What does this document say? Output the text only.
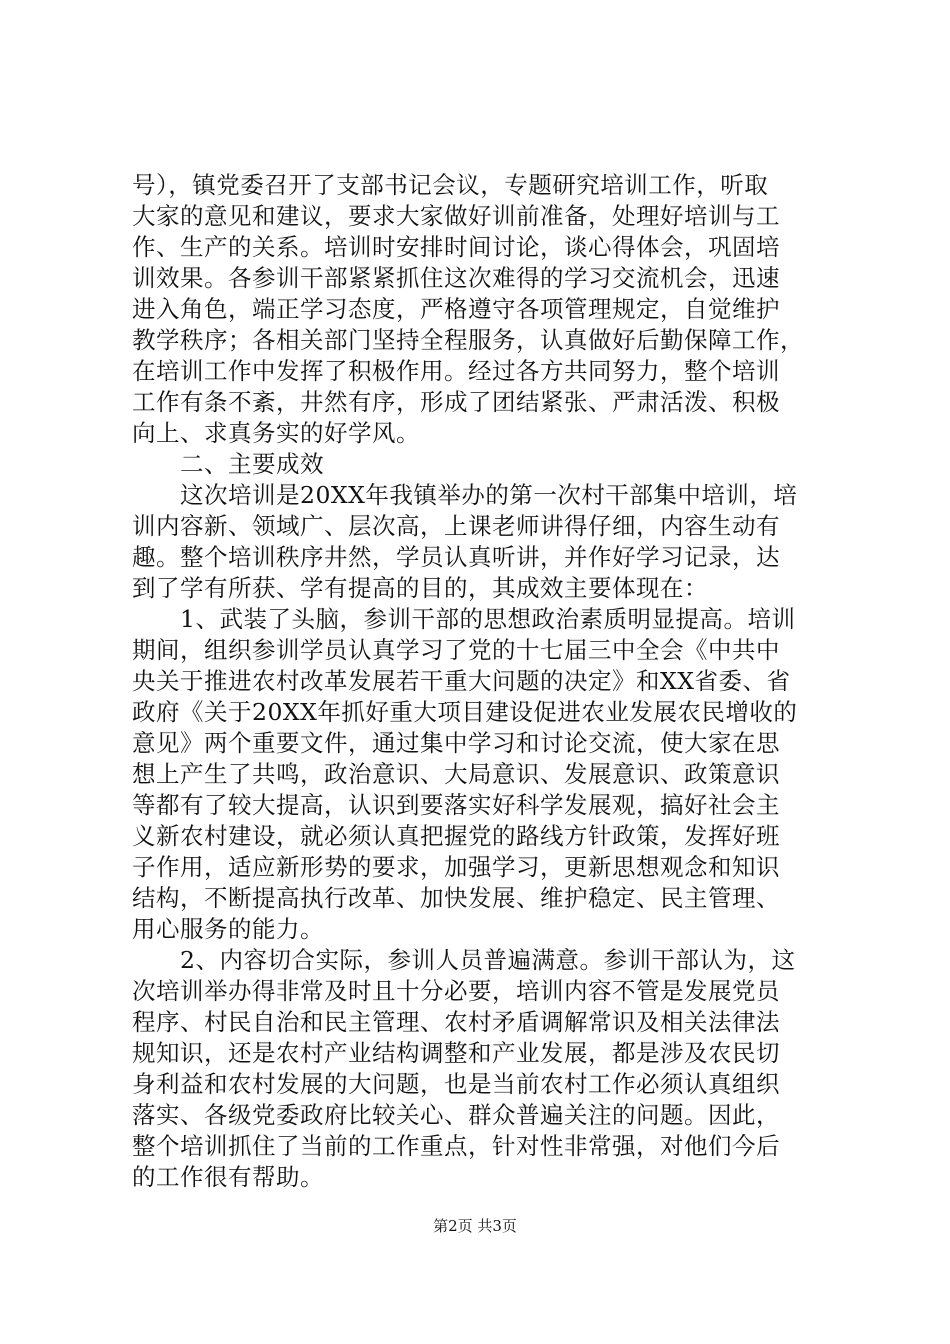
号），镇党委召开了支部书记会议，专题研究培训工作，听取
大家的意见和建议，要求大家做好训前准备，处理好培训与工
作、生产的关系。培训时安排时间讨论，谈心得体会，巩固培
训效果。各参训干部紧紧抓住这次难得的学习交流机会，迅速
进入角色，端正学习态度，严格遵守各项管理规定，自觉维护
教学秩序；各相关部门坚持全程服务，认真做好后勤保障工作，
在培训工作中发挥了积极作用。经过各方共同努力，整个培训
工作有条不紊，井然有序，形成了团结紧张、严肃活泼、积极
向上、求真务实的好学风。
　　二、主要成效
　　这次培训是20XX年我镇举办的第一次村干部集中培训，培
训内容新、领域广、层次高，上课老师讲得仔细，内容生动有
趣。整个培训秩序井然，学员认真听讲，并作好学习记录，达
到了学有所获、学有提高的目的，其成效主要体现在：
　　1、武装了头脑，参训干部的思想政治素质明显提高。培训
期间，组织参训学员认真学习了党的十七届三中全会《中共中
央关于推进农村改革发展若干重大问题的决定》和XX省委、省
政府《关于20XX年抓好重大项目建设促进农业发展农民增收的
意见》两个重要文件，通过集中学习和讨论交流，使大家在思
想上产生了共鸣，政治意识、大局意识、发展意识、政策意识
等都有了较大提高，认识到要落实好科学发展观，搞好社会主
义新农村建设，就必须认真把握党的路线方针政策，发挥好班
子作用，适应新形势的要求，加强学习，更新思想观念和知识
结构，不断提高执行改革、加快发展、维护稳定、民主管理、
用心服务的能力。
　　2、内容切合实际，参训人员普遍满意。参训干部认为，这
次培训举办得非常及时且十分必要，培训内容不管是发展党员
程序、村民自治和民主管理、农村矛盾调解常识及相关法律法
规知识，还是农村产业结构调整和产业发展，都是涉及农民切
身利益和农村发展的大问题，也是当前农村工作必须认真组织
落实、各级党委政府比较关心、群众普遍关注的问题。因此，
整个培训抓住了当前的工作重点，针对性非常强，对他们今后
的工作很有帮助。
第2页 共3页
